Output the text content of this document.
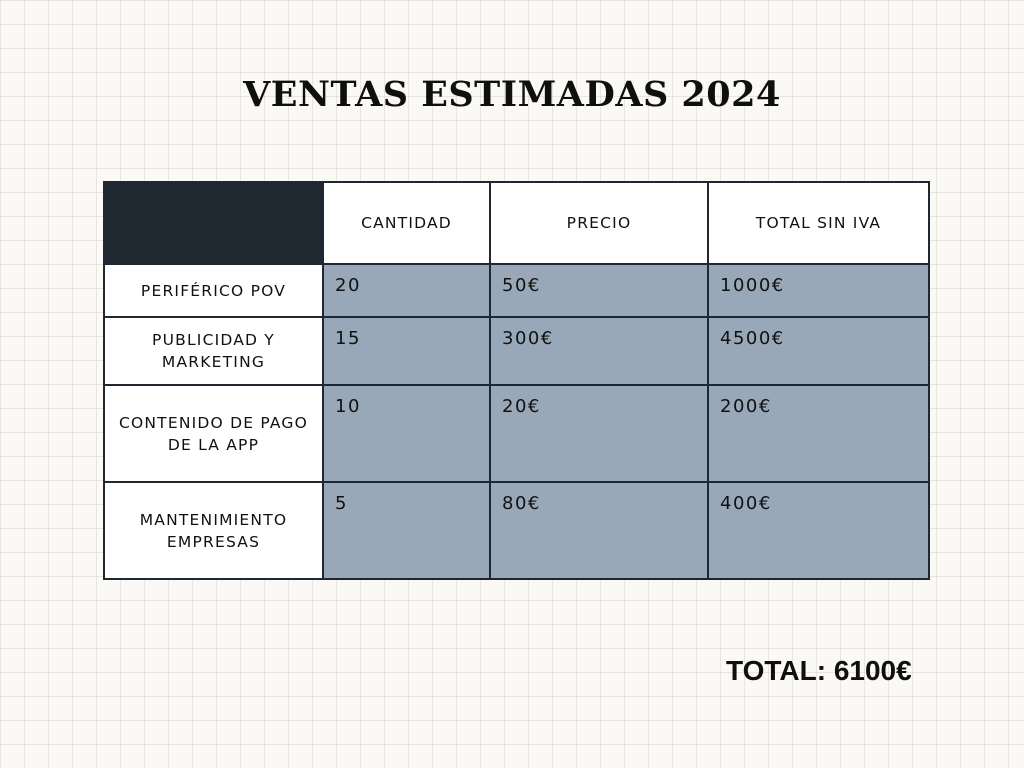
VENTAS ESTIMADAS 2024
	CANTIDAD	PRECIO	TOTAL SIN IVA
PERIFÉRICO POV	20	50€	1000€
PUBLICIDAD Y MARKETING	15	300€	4500€
CONTENIDO DE PAGO DE LA APP	10	20€	200€
MANTENIMIENTO EMPRESAS	5	80€	400€

TOTAL: 6100€
